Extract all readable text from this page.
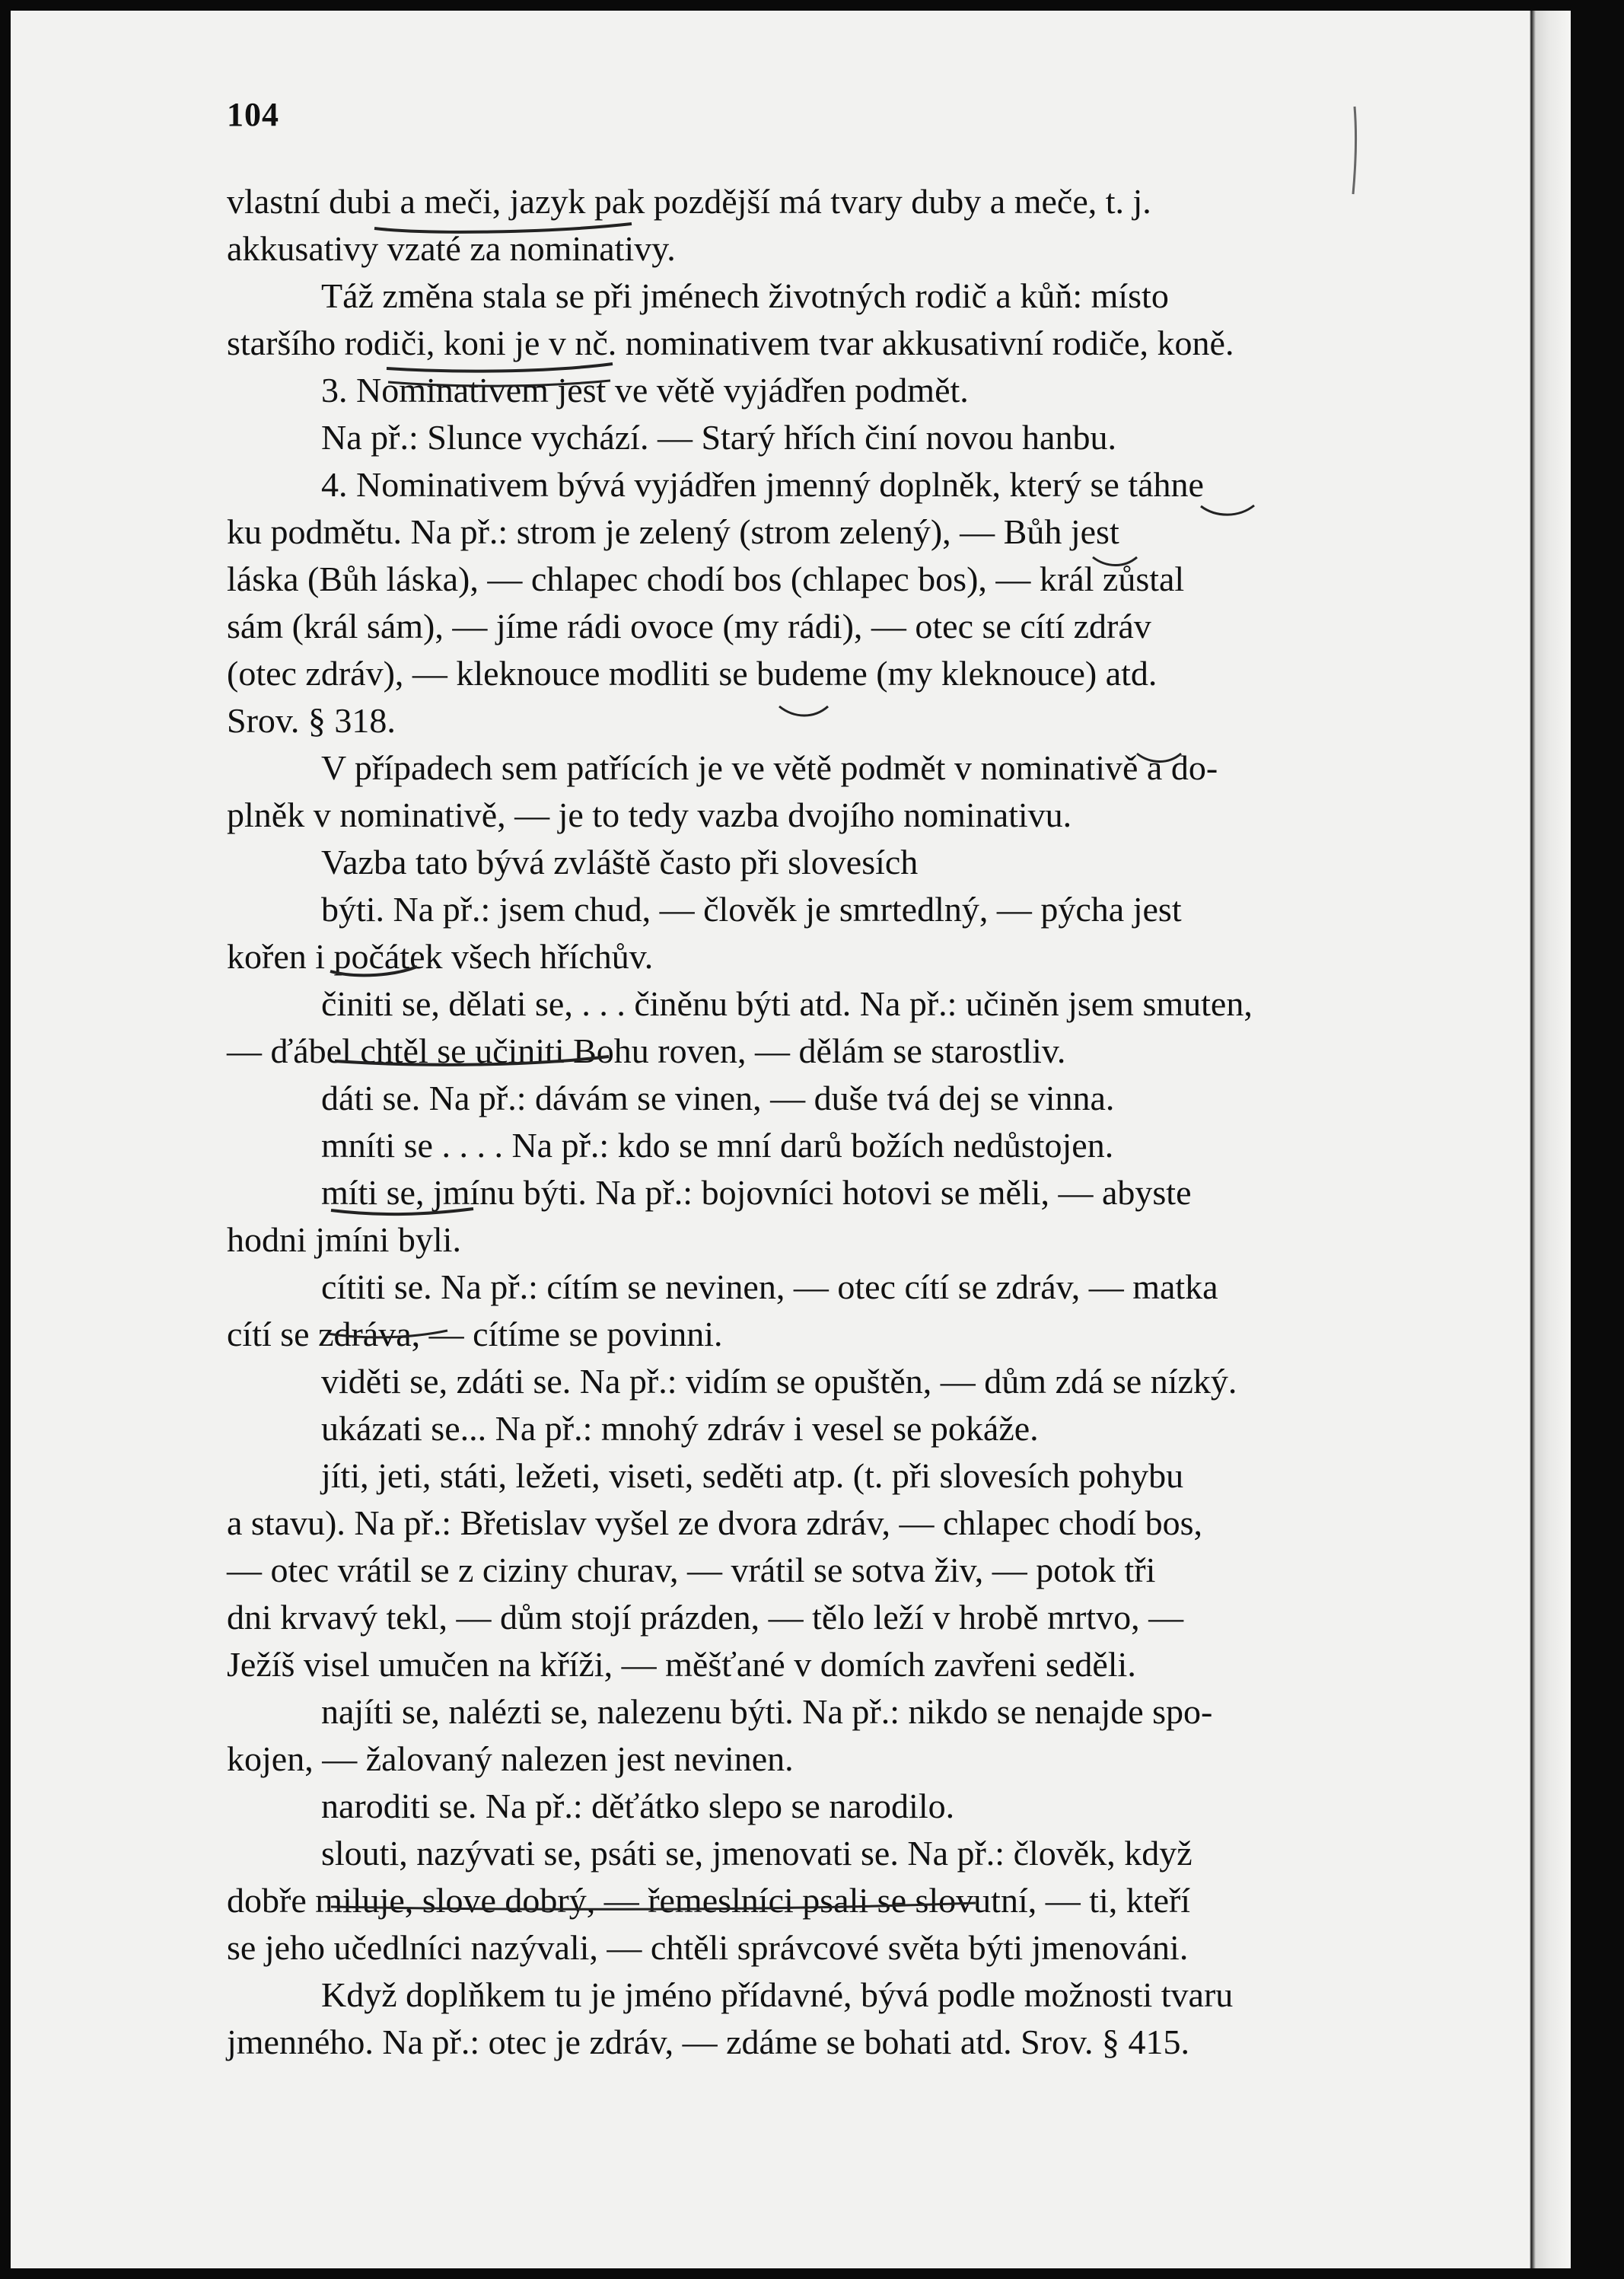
104

vlastní dubi a meči, jazyk pak pozdější má tvary duby a meče, t. j.
akkusativy vzaté za nominativy.

Táž změna stala se při jménech životných rodič a kůň: místo
staršího rodiči, koni je v nč. nominativem tvar akkusativní rodiče, koně.

3. Nominativem jest ve větě vyjádřen podmět.

Na př.: Slunce vychází. — Starý hřích činí novou hanbu.

4. Nominativem bývá vyjádřen jmenný doplněk, který se táhne
ku podmětu. Na př.: strom je zelený (strom zelený), — Bůh jest
láska (Bůh láska), — chlapec chodí bos (chlapec bos), — král zůstal
sám (král sám), — jíme rádi ovoce (my rádi), — otec se cítí zdráv
(otec zdráv), — kleknouce modliti se budeme (my kleknouce) atd.
Srov. § 318.

V případech sem patřících je ve větě podmět v nominativě a do-
plněk v nominativě, — je to tedy vazba dvojího nominativu.

Vazba tato bývá zvláště často při slovesích

býti. Na př.: jsem chud, — člověk je smrtedlný, — pýcha jest
kořen i počátek všech hříchův.

činiti se, dělati se, . . . činěnu býti atd. Na př.: učiněn jsem smuten,
— ďábel chtěl se učiniti Bohu roven, — dělám se starostliv.

dáti se. Na př.: dávám se vinen, — duše tvá dej se vinna.

mníti se . . . . Na př.: kdo se mní darů božích nedůstojen.

míti se, jmínu býti. Na př.: bojovníci hotovi se měli, — abyste
hodni jmíni byli.

cítiti se. Na př.: cítím se nevinen, — otec cítí se zdráv, — matka
cítí se zdráva, — cítíme se povinni.

viděti se, zdáti se. Na př.: vidím se opuštěn, — dům zdá se nízký.

ukázati se... Na př.: mnohý zdráv i vesel se pokáže.

jíti, jeti, státi, ležeti, viseti, seděti atp. (t. při slovesích pohybu
a stavu). Na př.: Břetislav vyšel ze dvora zdráv, — chlapec chodí bos,
— otec vrátil se z ciziny churav, — vrátil se sotva živ, — potok tři
dni krvavý tekl, — dům stojí prázden, — tělo leží v hrobě mrtvo, —
Ježíš visel umučen na kříži, — měšťané v domích zavřeni seděli.

najíti se, nalézti se, nalezenu býti. Na př.: nikdo se nenajde spo-
kojen, — žalovaný nalezen jest nevinen.

naroditi se. Na př.: děťátko slepo se narodilo.

slouti, nazývati se, psáti se, jmenovati se. Na př.: člověk, když
dobře miluje, slove dobrý, — řemeslníci psali se slovutní, — ti, kteří
se jeho učedlníci nazývali, — chtěli správcové světa býti jmenováni.

Když doplňkem tu je jméno přídavné, bývá podle možnosti tvaru
jmenného. Na př.: otec je zdráv, — zdáme se bohati atd. Srov. § 415.
